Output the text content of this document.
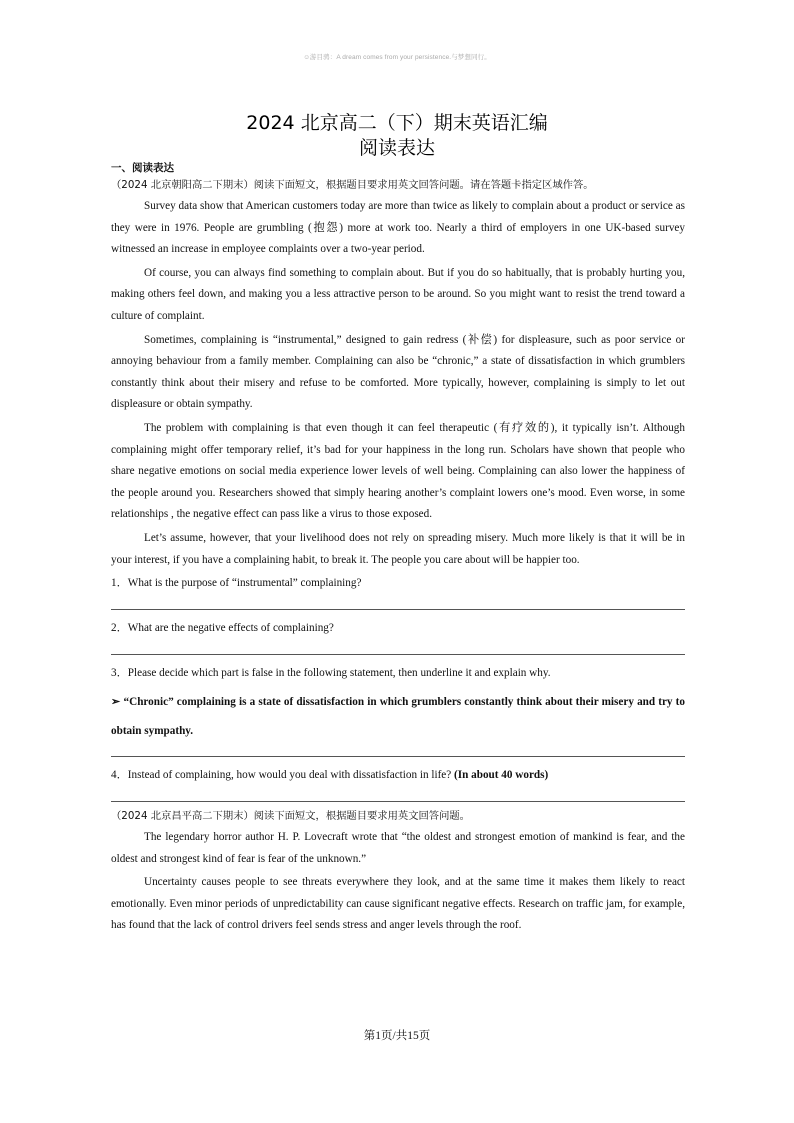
☺游目骋：A dream comes from your persistence.与梦想同行。
2024 北京高二（下）期末英语汇编
阅读表达
一、阅读表达
（2024 北京朝阳高二下期末）阅读下面短文，根据题目要求用英文回答问题。请在答题卡指定区域作答。

Survey data show that American customers today are more than twice as likely to complain about a product or service as they were in 1976. People are grumbling (抱怨) more at work too. Nearly a third of employers in one UK-based survey witnessed an increase in employee complaints over a two-year period.

Of course, you can always find something to complain about. But if you do so habitually, that is probably hurting you, making others feel down, and making you a less attractive person to be around. So you might want to resist the trend toward a culture of complaint.

Sometimes, complaining is “instrumental,” designed to gain redress (补偿) for displeasure, such as poor service or annoying behaviour from a family member. Complaining can also be “chronic,” a state of dissatisfaction in which grumblers constantly think about their misery and refuse to be comforted. More typically, however, complaining is simply to let out displeasure or obtain sympathy.

The problem with complaining is that even though it can feel therapeutic (有疗效的), it typically isn’t. Although complaining might offer temporary relief, it’s bad for your happiness in the long run. Scholars have shown that people who share negative emotions on social media experience lower levels of well being. Complaining can also lower the happiness of the people around you. Researchers showed that simply hearing another’s complaint lowers one’s mood. Even worse, in some relationships , the negative effect can pass like a virus to those exposed.

Let’s assume, however, that your livelihood does not rely on spreading misery. Much more likely is that it will be in your interest, if you have a complaining habit, to break it. The people you care about will be happier too.

1．What is the purpose of “instrumental” complaining?
2．What are the negative effects of complaining?
3．Please decide which part is false in the following statement, then underline it and explain why.
➢ “Chronic” complaining is a state of dissatisfaction in which grumblers constantly think about their misery and try to obtain sympathy.
4．Instead of complaining, how would you deal with dissatisfaction in life? (In about 40 words)
（2024 北京昌平高二下期末）阅读下面短文，根据题目要求用英文回答问题。

The legendary horror author H. P. Lovecraft wrote that “the oldest and strongest emotion of mankind is fear, and the oldest and strongest kind of fear is fear of the unknown.”

Uncertainty causes people to see threats everywhere they look, and at the same time it makes them likely to react emotionally. Even minor periods of unpredictability can cause significant negative effects. Research on traffic jam, for example, has found that the lack of control drivers feel sends stress and anger levels through the roof.

第1页/共15页
